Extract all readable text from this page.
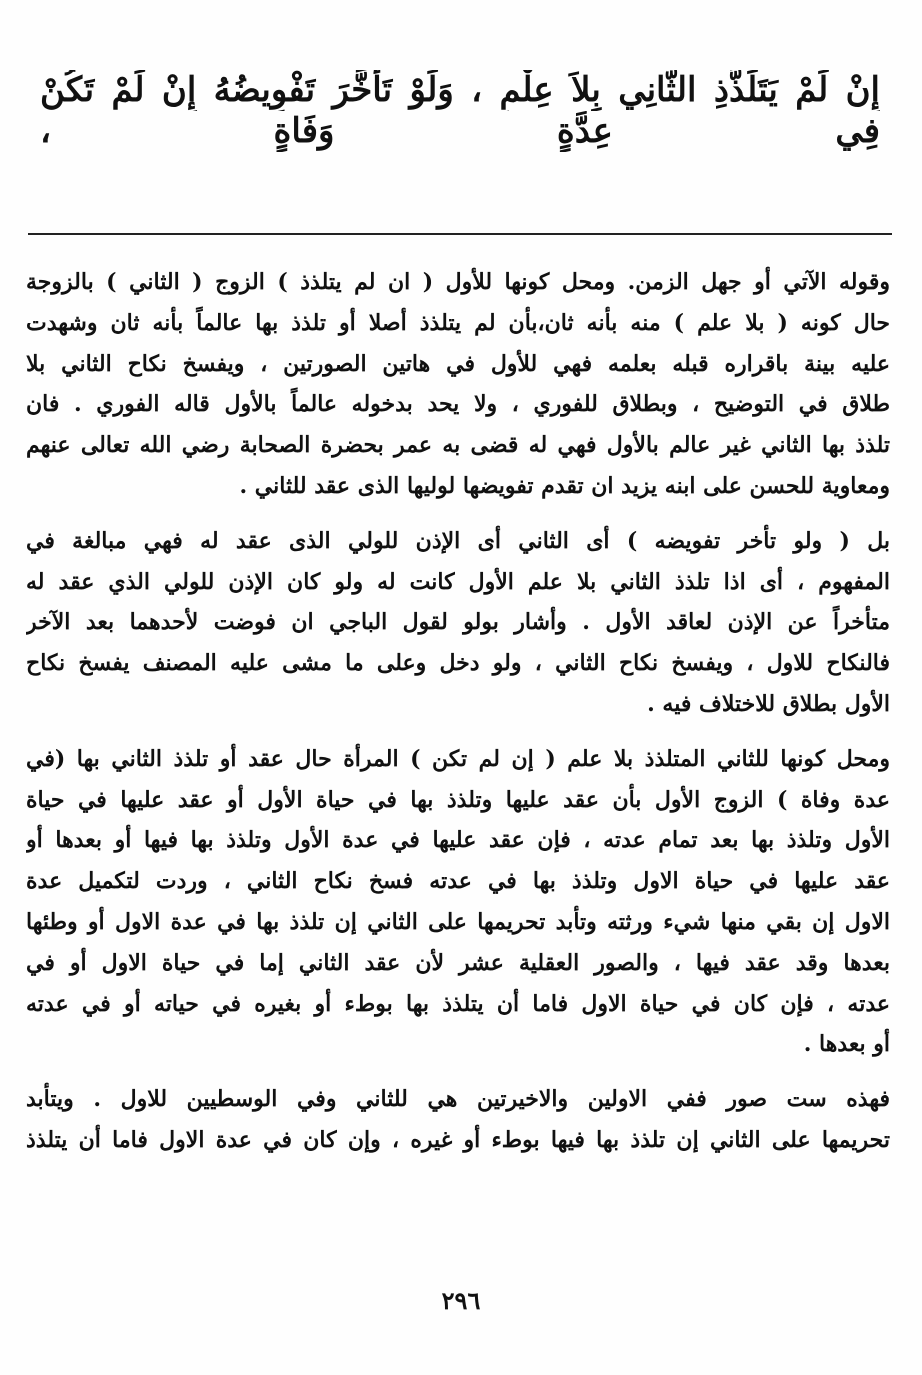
إِنْ لَمْ يَتَلَذَّذِ الثَّانِي بِلاَ عِلْمٍ ، وَلَوْ تَأَخَّرَ تَفْوِيضُهُ إِنْ لَمْ تَكُنْ
فِي عِدَّةٍ وَفَاةٍ ،
وقوله الآتي أو جهل الزمن. ومحل كونها للأول ( ان لم يتلذذ ) الزوج ( الثاني ) بالزوجة
حال كونه ( بلا علم ) منه بأنه ثان،بأن لم يتلذذ أصلا أو تلذذ بها عالماً بأنه ثان وشهدت
عليه بينة باقراره قبله بعلمه فهي للأول في هاتين الصورتين ، ويفسخ نكاح الثاني بلا
طلاق في التوضيح ، وبطلاق للفوري ، ولا يحد بدخوله عالماً بالأول قاله الفوري . فان
تلذذ بها الثاني غير عالم بالأول فهي له قضى به عمر بحضرة الصحابة رضي الله تعالى عنهم
ومعاوية للحسن على ابنه يزيد ان تقدم تفويضها لوليها الذى عقد للثاني .
بل ( ولو تأخر تفويضه ) أى الثاني أى الإذن للولي الذى عقد له فهي مبالغة في
المفهوم ، أى اذا تلذذ الثاني بلا علم الأول كانت له ولو كان الإذن للولي الذي عقد له
متأخراً عن الإذن لعاقد الأول . وأشار بولو لقول الباجي ان فوضت لأحدهما بعد الآخر
فالنكاح للاول ، ويفسخ نكاح الثاني ، ولو دخل وعلى ما مشى عليه المصنف يفسخ نكاح
الأول بطلاق للاختلاف فيه .
ومحل كونها للثاني المتلذذ بلا علم ( إن لم تكن ) المرأة حال عقد أو تلذذ الثاني بها (في
عدة وفاة ) الزوج الأول بأن عقد عليها وتلذذ بها في حياة الأول أو عقد عليها في حياة
الأول وتلذذ بها بعد تمام عدته ، فإن عقد عليها في عدة الأول وتلذذ بها فيها أو بعدها أو
عقد عليها في حياة الاول وتلذذ بها في عدته فسخ نكاح الثاني ، وردت لتكميل عدة
الاول إن بقي منها شيء ورثته وتأبد تحريمها على الثاني إن تلذذ بها في عدة الاول أو وطئها
بعدها وقد عقد فيها ، والصور العقلية عشر لأن عقد الثاني إما في حياة الاول أو في
عدته ، فإن كان في حياة الاول فاما أن يتلذذ بها بوطء أو بغيره في حياته أو في عدته
أو بعدها .
فهذه ست صور ففي الاولين والاخيرتين هي للثاني وفي الوسطيين للاول . ويتأبد
تحريمها على الثاني إن تلذذ بها فيها بوطء أو غيره ، وإن كان في عدة الاول فاما أن يتلذذ
٢٩٦
